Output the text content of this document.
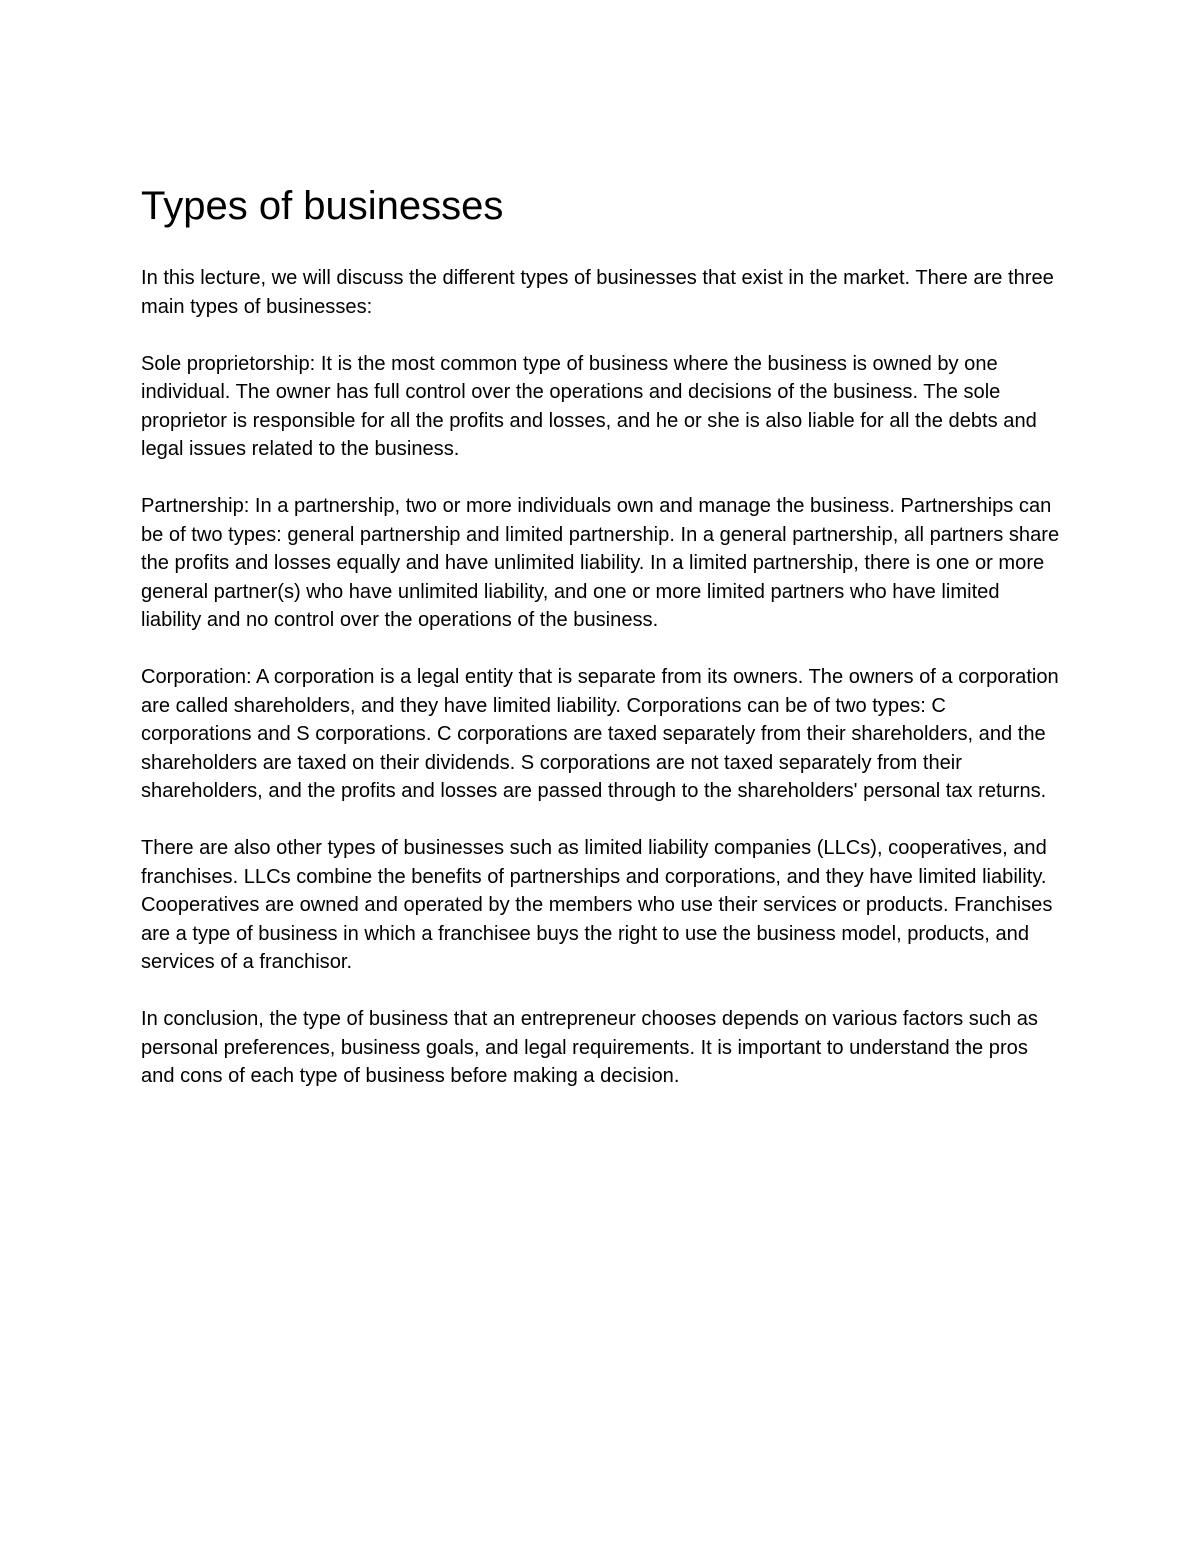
Types of businesses

In this lecture, we will discuss the different types of businesses that exist in the market. There are three main types of businesses:

Sole proprietorship: It is the most common type of business where the business is owned by one individual. The owner has full control over the operations and decisions of the business. The sole proprietor is responsible for all the profits and losses, and he or she is also liable for all the debts and legal issues related to the business.

Partnership: In a partnership, two or more individuals own and manage the business. Partnerships can be of two types: general partnership and limited partnership. In a general partnership, all partners share the profits and losses equally and have unlimited liability. In a limited partnership, there is one or more general partner(s) who have unlimited liability, and one or more limited partners who have limited liability and no control over the operations of the business.

Corporation: A corporation is a legal entity that is separate from its owners. The owners of a corporation are called shareholders, and they have limited liability. Corporations can be of two types: C corporations and S corporations. C corporations are taxed separately from their shareholders, and the shareholders are taxed on their dividends. S corporations are not taxed separately from their shareholders, and the profits and losses are passed through to the shareholders' personal tax returns.

There are also other types of businesses such as limited liability companies (LLCs), cooperatives, and franchises. LLCs combine the benefits of partnerships and corporations, and they have limited liability. Cooperatives are owned and operated by the members who use their services or products. Franchises are a type of business in which a franchisee buys the right to use the business model, products, and services of a franchisor.

In conclusion, the type of business that an entrepreneur chooses depends on various factors such as personal preferences, business goals, and legal requirements. It is important to understand the pros and cons of each type of business before making a decision.
